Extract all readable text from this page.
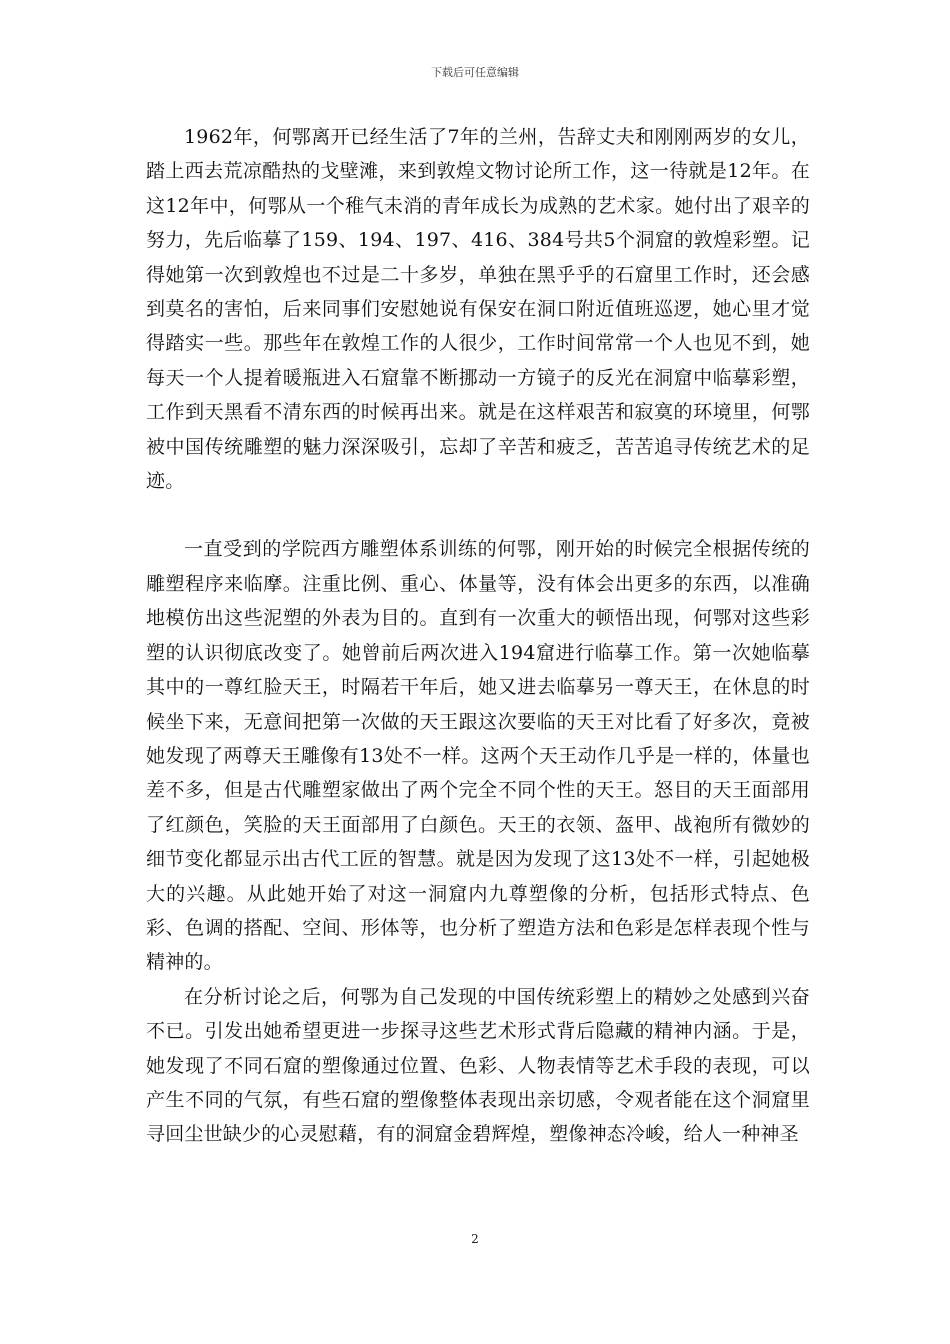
下载后可任意编辑

1962年，何鄂离开已经生活了7年的兰州，告辞丈夫和刚刚两岁的女儿，踏上西去荒凉酷热的戈壁滩，来到敦煌文物讨论所工作，这一待就是12年。在这12年中，何鄂从一个稚气未消的青年成长为成熟的艺术家。她付出了艰辛的努力，先后临摹了159、194、197、416、384号共5个洞窟的敦煌彩塑。记得她第一次到敦煌也不过是二十多岁，单独在黑乎乎的石窟里工作时，还会感到莫名的害怕，后来同事们安慰她说有保安在洞口附近值班巡逻，她心里才觉得踏实一些。那些年在敦煌工作的人很少，工作时间常常一个人也见不到，她每天一个人提着暖瓶进入石窟靠不断挪动一方镜子的反光在洞窟中临摹彩塑，工作到天黑看不清东西的时候再出来。就是在这样艰苦和寂寞的环境里，何鄂被中国传统雕塑的魅力深深吸引，忘却了辛苦和疲乏，苦苦追寻传统艺术的足迹。

一直受到的学院西方雕塑体系训练的何鄂，刚开始的时候完全根据传统的雕塑程序来临摩。注重比例、重心、体量等，没有体会出更多的东西，以准确地模仿出这些泥塑的外表为目的。直到有一次重大的顿悟出现，何鄂对这些彩塑的认识彻底改变了。她曾前后两次进入194窟进行临摹工作。第一次她临摹其中的一尊红脸天王，时隔若干年后，她又进去临摹另一尊天王，在休息的时候坐下来，无意间把第一次做的天王跟这次要临的天王对比看了好多次，竟被她发现了两尊天王雕像有13处不一样。这两个天王动作几乎是一样的，体量也差不多，但是古代雕塑家做出了两个完全不同个性的天王。怒目的天王面部用了红颜色，笑脸的天王面部用了白颜色。天王的衣领、盔甲、战袍所有微妙的细节变化都显示出古代工匠的智慧。就是因为发现了这13处不一样，引起她极大的兴趣。从此她开始了对这一洞窟内九尊塑像的分析，包括形式特点、色彩、色调的搭配、空间、形体等，也分析了塑造方法和色彩是怎样表现个性与精神的。

在分析讨论之后，何鄂为自己发现的中国传统彩塑上的精妙之处感到兴奋不已。引发出她希望更进一步探寻这些艺术形式背后隐藏的精神内涵。于是，她发现了不同石窟的塑像通过位置、色彩、人物表情等艺术手段的表现，可以产生不同的气氛，有些石窟的塑像整体表现出亲切感，令观者能在这个洞窟里寻回尘世缺少的心灵慰藉，有的洞窟金碧辉煌，塑像神态冷峻，给人一种神圣

2
